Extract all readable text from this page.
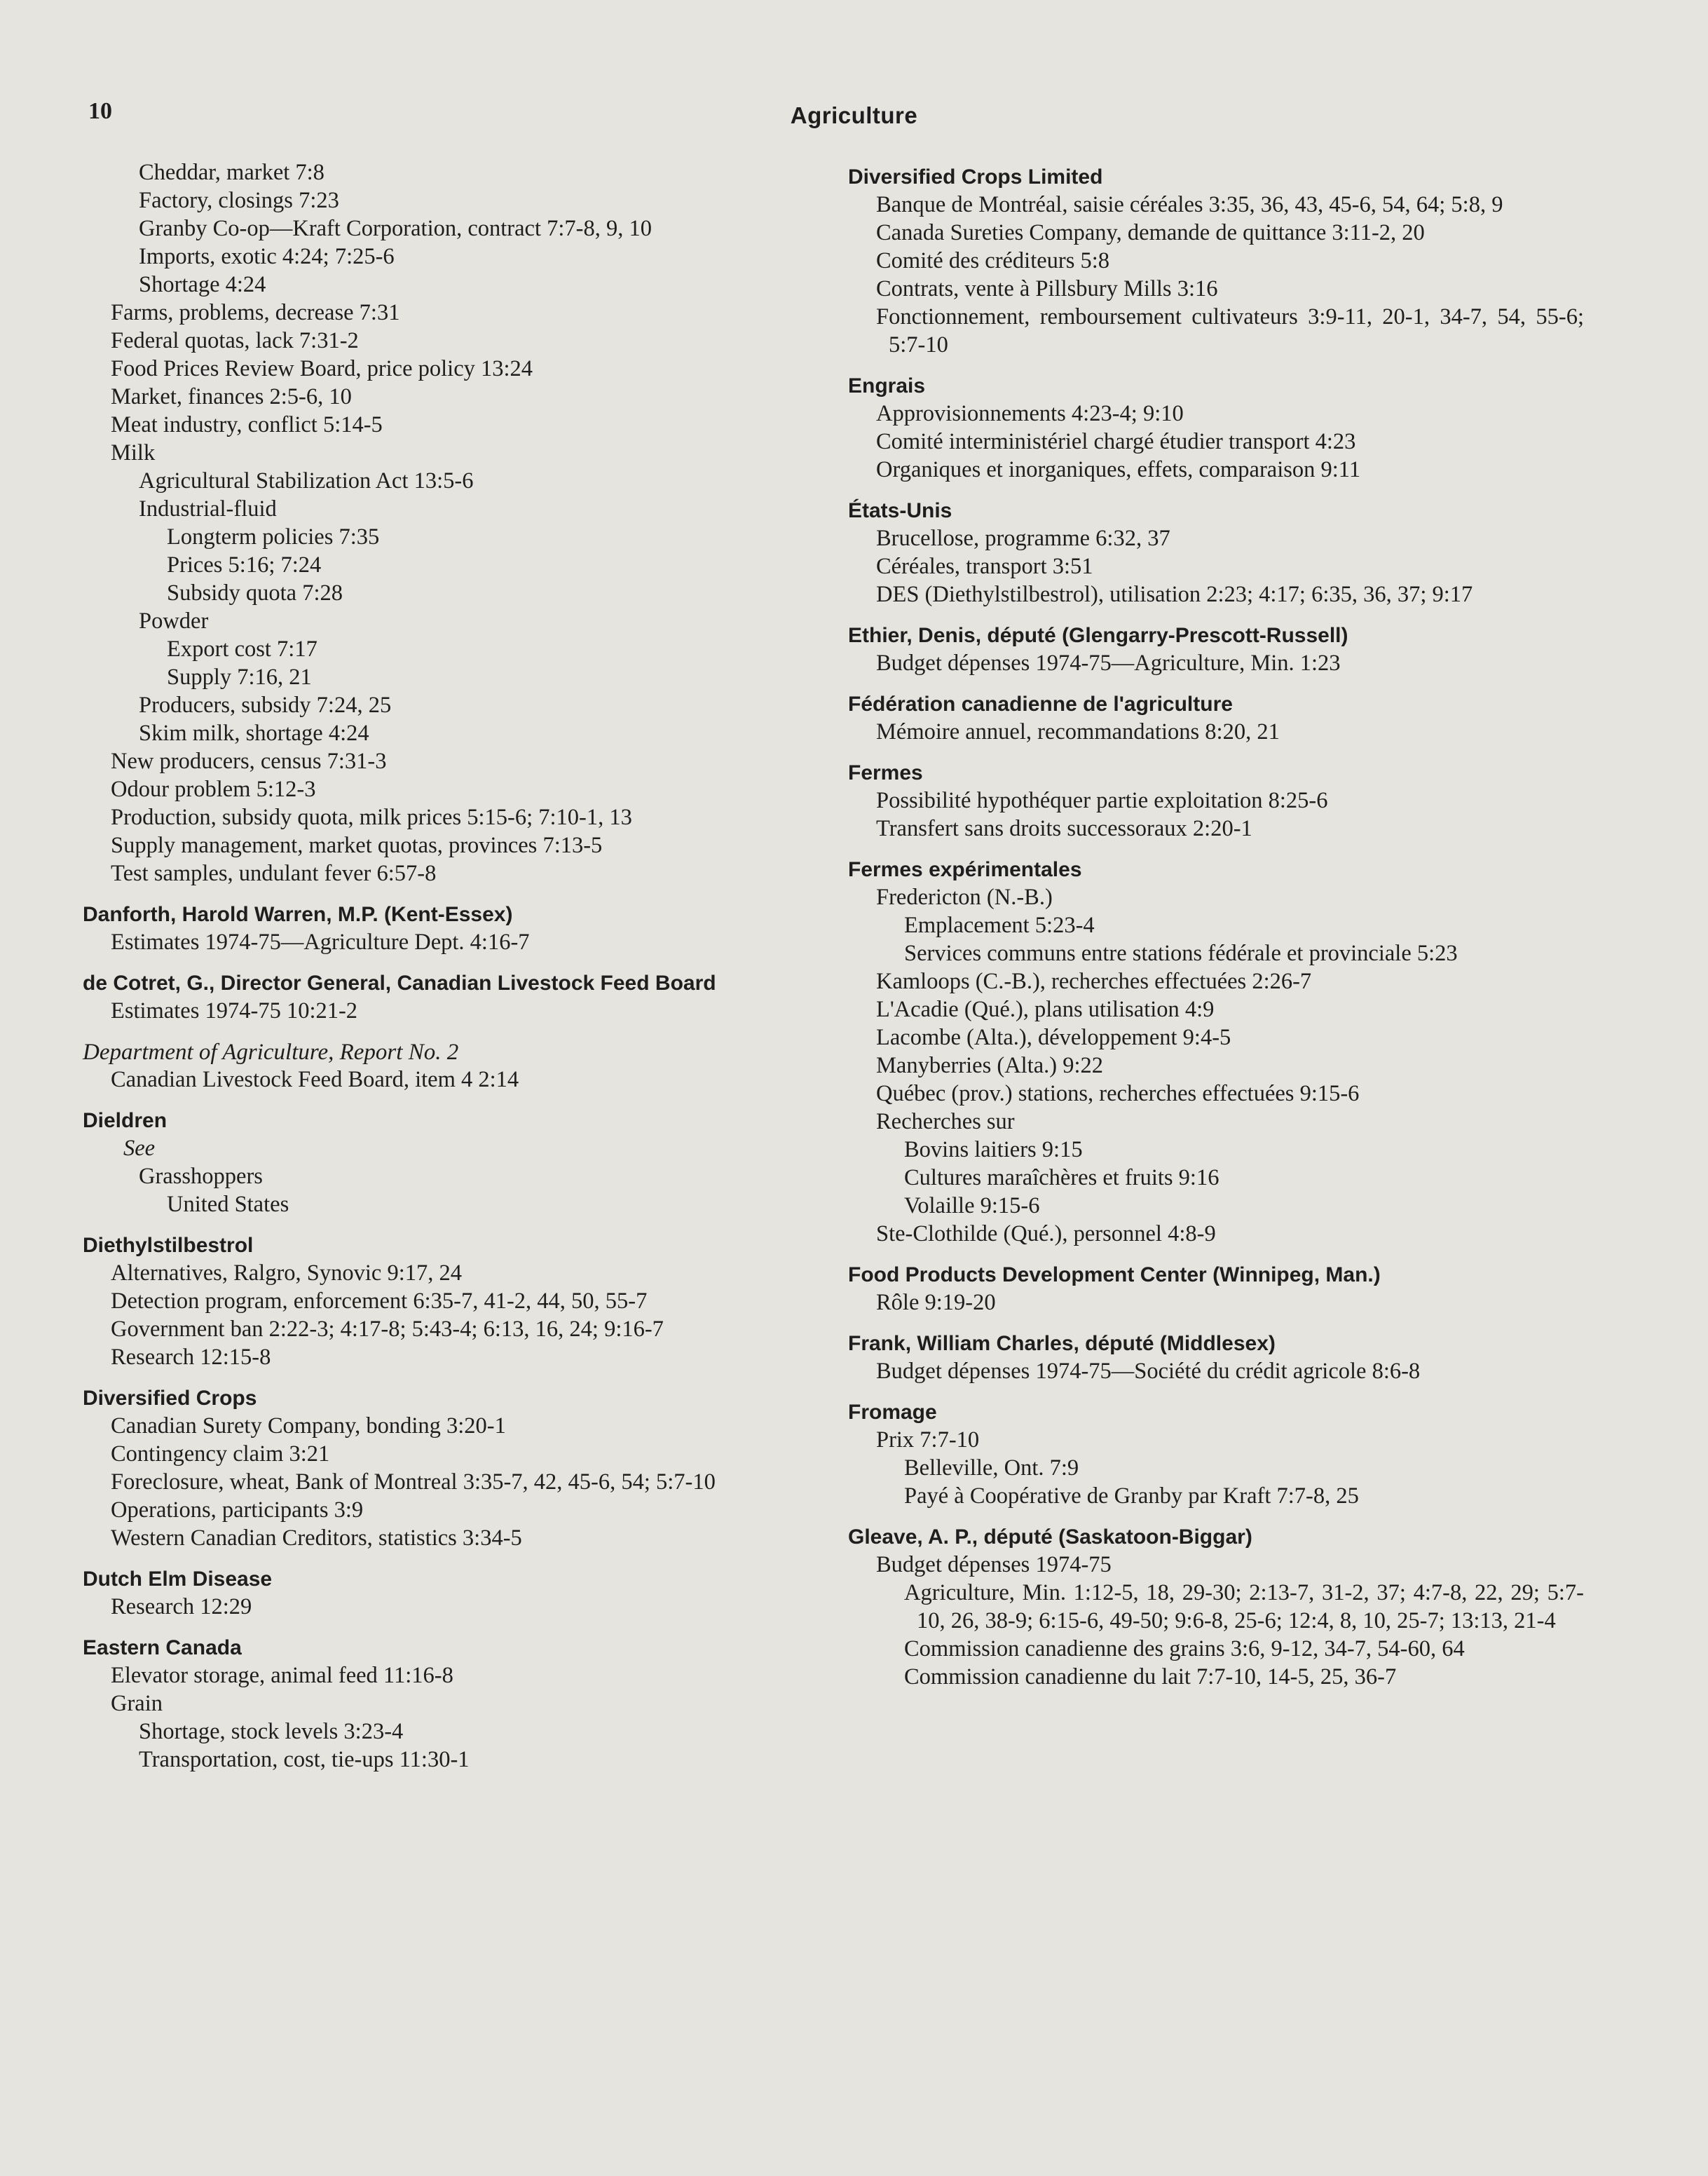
10	Agriculture
Cheddar, market 7:8
Factory, closings 7:23
Granby Co-op—Kraft Corporation, contract 7:7-8, 9, 10
Imports, exotic 4:24; 7:25-6
Shortage 4:24
Farms, problems, decrease 7:31
Federal quotas, lack 7:31-2
Food Prices Review Board, price policy 13:24
Market, finances 2:5-6, 10
Meat industry, conflict 5:14-5
Milk
Agricultural Stabilization Act 13:5-6
Industrial-fluid
Longterm policies 7:35
Prices 5:16; 7:24
Subsidy quota 7:28
Powder
Export cost 7:17
Supply 7:16, 21
Producers, subsidy 7:24, 25
Skim milk, shortage 4:24
New producers, census 7:31-3
Odour problem 5:12-3
Production, subsidy quota, milk prices 5:15-6; 7:10-1, 13
Supply management, market quotas, provinces 7:13-5
Test samples, undulant fever 6:57-8
Danforth, Harold Warren, M.P. (Kent-Essex)
Estimates 1974-75—Agriculture Dept. 4:16-7
de Cotret, G., Director General, Canadian Livestock Feed Board
Estimates 1974-75 10:21-2
Department of Agriculture, Report No. 2
Canadian Livestock Feed Board, item 4 2:14
Dieldren
See
Grasshoppers
United States
Diethylstilbestrol
Alternatives, Ralgro, Synovic 9:17, 24
Detection program, enforcement 6:35-7, 41-2, 44, 50, 55-7
Government ban 2:22-3; 4:17-8; 5:43-4; 6:13, 16, 24; 9:16-7
Research 12:15-8
Diversified Crops
Canadian Surety Company, bonding 3:20-1
Contingency claim 3:21
Foreclosure, wheat, Bank of Montreal 3:35-7, 42, 45-6, 54; 5:7-10
Operations, participants 3:9
Western Canadian Creditors, statistics 3:34-5
Dutch Elm Disease
Research 12:29
Eastern Canada
Elevator storage, animal feed 11:16-8
Grain
Shortage, stock levels 3:23-4
Transportation, cost, tie-ups 11:30-1
Diversified Crops Limited
Banque de Montréal, saisie céréales 3:35, 36, 43, 45-6, 54, 64; 5:8, 9
Canada Sureties Company, demande de quittance 3:11-2, 20
Comité des créditeurs 5:8
Contrats, vente à Pillsbury Mills 3:16
Fonctionnement, remboursement cultivateurs 3:9-11, 20-1, 34-7, 54, 55-6; 5:7-10
Engrais
Approvisionnements 4:23-4; 9:10
Comité interministériel chargé étudier transport 4:23
Organiques et inorganiques, effets, comparaison 9:11
États-Unis
Brucellose, programme 6:32, 37
Céréales, transport 3:51
DES (Diethylstilbestrol), utilisation 2:23; 4:17; 6:35, 36, 37; 9:17
Ethier, Denis, député (Glengarry-Prescott-Russell)
Budget dépenses 1974-75—Agriculture, Min. 1:23
Fédération canadienne de l'agriculture
Mémoire annuel, recommandations 8:20, 21
Fermes
Possibilité hypothéquer partie exploitation 8:25-6
Transfert sans droits successoraux 2:20-1
Fermes expérimentales
Fredericton (N.-B.)
Emplacement 5:23-4
Services communs entre stations fédérale et provinciale 5:23
Kamloops (C.-B.), recherches effectuées 2:26-7
L'Acadie (Qué.), plans utilisation 4:9
Lacombe (Alta.), développement 9:4-5
Manyberries (Alta.) 9:22
Québec (prov.) stations, recherches effectuées 9:15-6
Recherches sur
Bovins laitiers 9:15
Cultures maraîchères et fruits 9:16
Volaille 9:15-6
Ste-Clothilde (Qué.), personnel 4:8-9
Food Products Development Center (Winnipeg, Man.)
Rôle 9:19-20
Frank, William Charles, député (Middlesex)
Budget dépenses 1974-75—Société du crédit agricole 8:6-8
Fromage
Prix 7:7-10
Belleville, Ont. 7:9
Payé à Coopérative de Granby par Kraft 7:7-8, 25
Gleave, A. P., député (Saskatoon-Biggar)
Budget dépenses 1974-75
Agriculture, Min. 1:12-5, 18, 29-30; 2:13-7, 31-2, 37; 4:7-8, 22, 29; 5:7-10, 26, 38-9; 6:15-6, 49-50; 9:6-8, 25-6; 12:4, 8, 10, 25-7; 13:13, 21-4
Commission canadienne des grains 3:6, 9-12, 34-7, 54-60, 64
Commission canadienne du lait 7:7-10, 14-5, 25, 36-7
